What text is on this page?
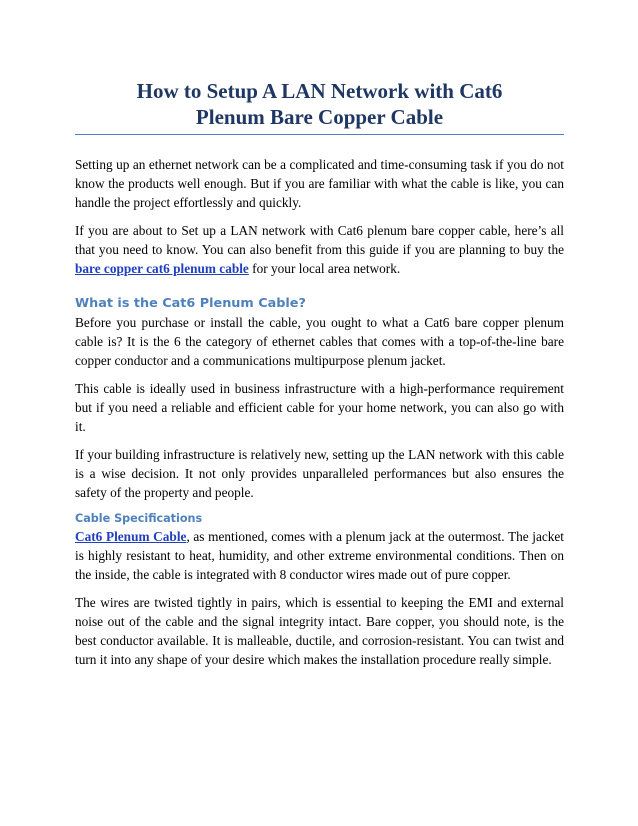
How to Setup A LAN Network with Cat6
Plenum Bare Copper Cable

Setting up an ethernet network can be a complicated and time-consuming task if you do not know the products well enough. But if you are familiar with what the cable is like, you can handle the project effortlessly and quickly.

If you are about to Set up a LAN network with Cat6 plenum bare copper cable, here’s all that you need to know. You can also benefit from this guide if you are planning to buy the bare copper cat6 plenum cable for your local area network.

What is the Cat6 Plenum Cable?

Before you purchase or install the cable, you ought to what a Cat6 bare copper plenum cable is? It is the 6 the category of ethernet cables that comes with a top-of-the-line bare copper conductor and a communications multipurpose plenum jacket.

This cable is ideally used in business infrastructure with a high-performance requirement but if you need a reliable and efficient cable for your home network, you can also go with it.

If your building infrastructure is relatively new, setting up the LAN network with this cable is a wise decision. It not only provides unparalleled performances but also ensures the safety of the property and people.

Cable Specifications

Cat6 Plenum Cable, as mentioned, comes with a plenum jack at the outermost. The jacket is highly resistant to heat, humidity, and other extreme environmental conditions. Then on the inside, the cable is integrated with 8 conductor wires made out of pure copper.

The wires are twisted tightly in pairs, which is essential to keeping the EMI and external noise out of the cable and the signal integrity intact. Bare copper, you should note, is the best conductor available. It is malleable, ductile, and corrosion-resistant. You can twist and turn it into any shape of your desire which makes the installation procedure really simple.
